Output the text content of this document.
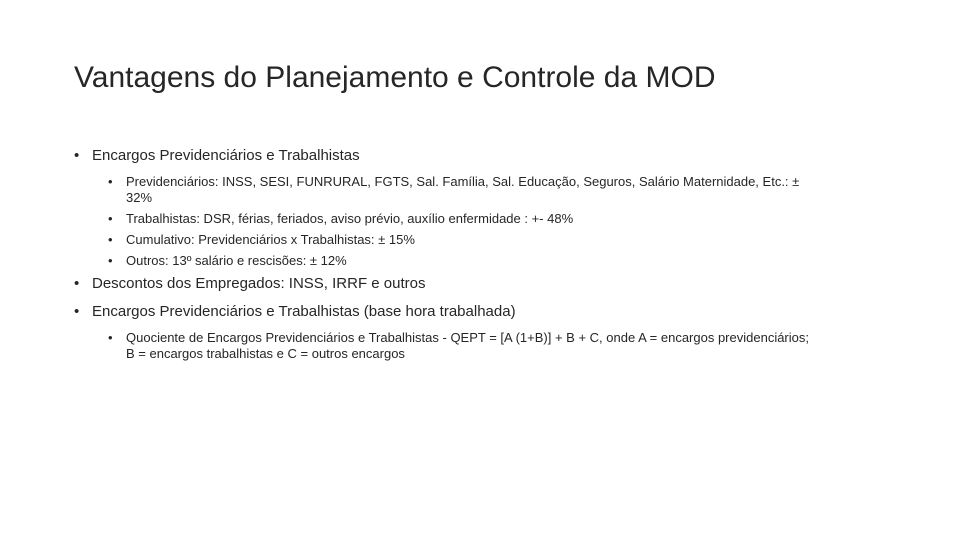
Vantagens do Planejamento e Controle da MOD
• Encargos Previdenciários e Trabalhistas
•	Previdenciários: INSS, SESI, FUNRURAL, FGTS, Sal. Família, Sal. Educação, Seguros, Salário Maternidade, Etc.: ± 32%
•	Trabalhistas: DSR, férias, feriados, aviso prévio, auxílio enfermidade : +- 48%
•	Cumulativo: Previdenciários x Trabalhistas: ± 15%
•	Outros: 13º salário e rescisões: ± 12%
• Descontos dos Empregados: INSS, IRRF e outros
• Encargos Previdenciários e Trabalhistas (base hora trabalhada)
•	Quociente de Encargos Previdenciários e Trabalhistas - QEPT = [A (1+B)] + B + C, onde A = encargos previdenciários; B = encargos trabalhistas e C = outros encargos
